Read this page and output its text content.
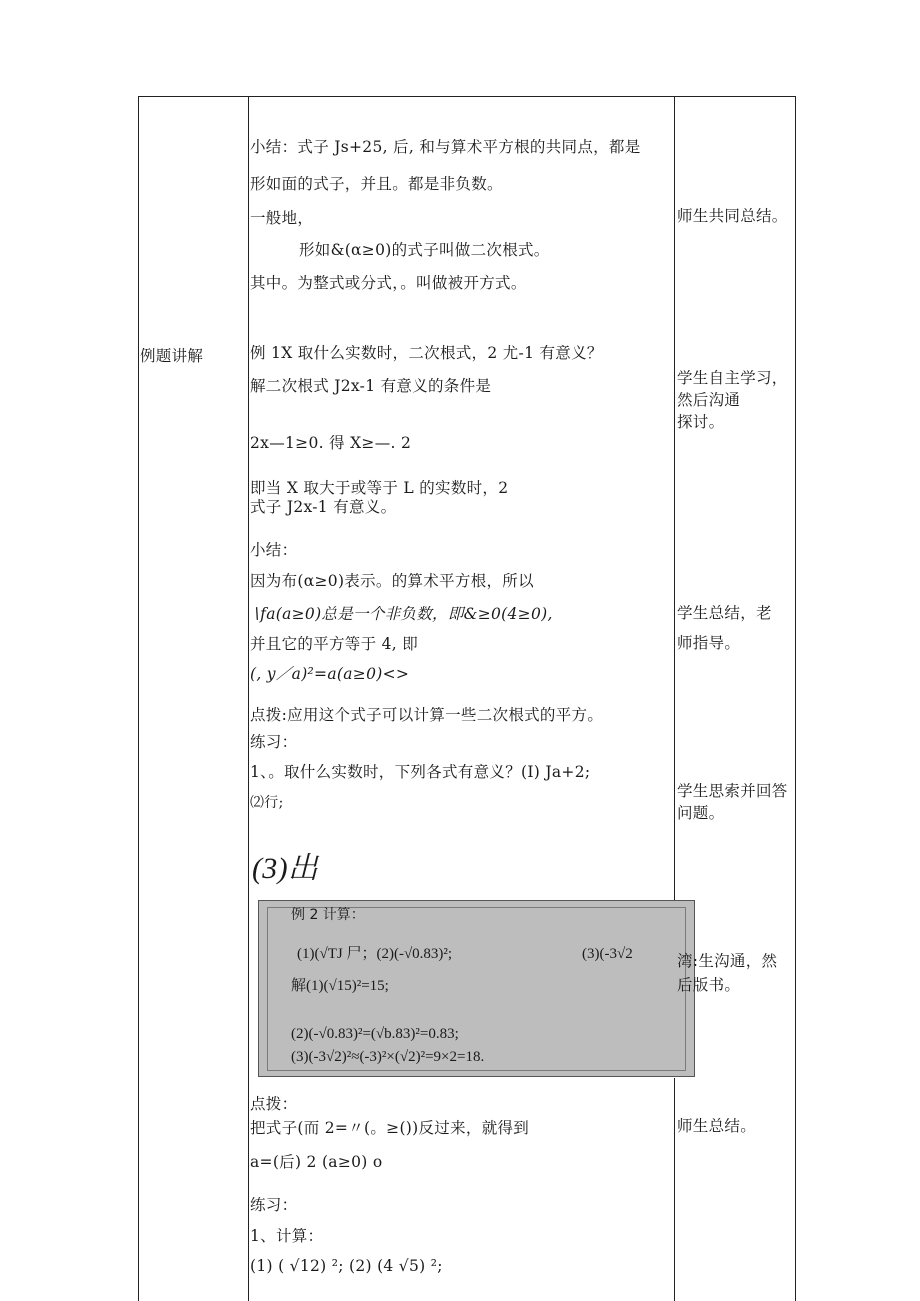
例题讲解
小结：式子 Js+25, 后, 和与算术平方根的共同点，都是
形如面的式子，并且。都是非负数。
一般地，
形如&(α≥0)的式子叫做二次根式。
其中。为整式或分式，。叫做被开方式。
例 1X 取什么实数时，二次根式，2 尤-1 有意义？
解二次根式 J2x-1 有意义的条件是
2x—1≥0. 得 X≥—. 2
即当 X 取大于或等于 L 的实数时，2
式子 J2x-1 有意义。
小结：
因为布(α≥0)表示。的算术平方根，所以
∖fa(a≥0)总是一个非负数，即&≥0(4≥0),
并且它的平方等于 4, 即
(, y／a)²=a(a≥0)<>
点拨:应用这个式子可以计算一些二次根式的平方。
练习：
1、。取什么实数时，下列各式有意义？(I) Ja+2;
⑵行;
(3)出
例 2 计算：
(1)(√TJ 尸；(2)(-√0.83)²;	(3)(-3√2
解(1)(√15)²=15;
(2)(-√0.83)²=(√b.83)²=0.83;
(3)(-3√2)²≈(-3)²×(√2)²=9×2=18.
点拨：
把式子(而 2=〃(。≥())反过来，就得到
a=(后) 2 (a≥0) o
练习：
1、计算：
(1) ( √12) ²; (2) (4 √5) ²;
师生共同总结。
学生自主学习，
然后沟通
探讨。
学生总结，老
师指导。
学生思索并回答
问题。
湾:生沟通，然
后版书。
师生总结。
